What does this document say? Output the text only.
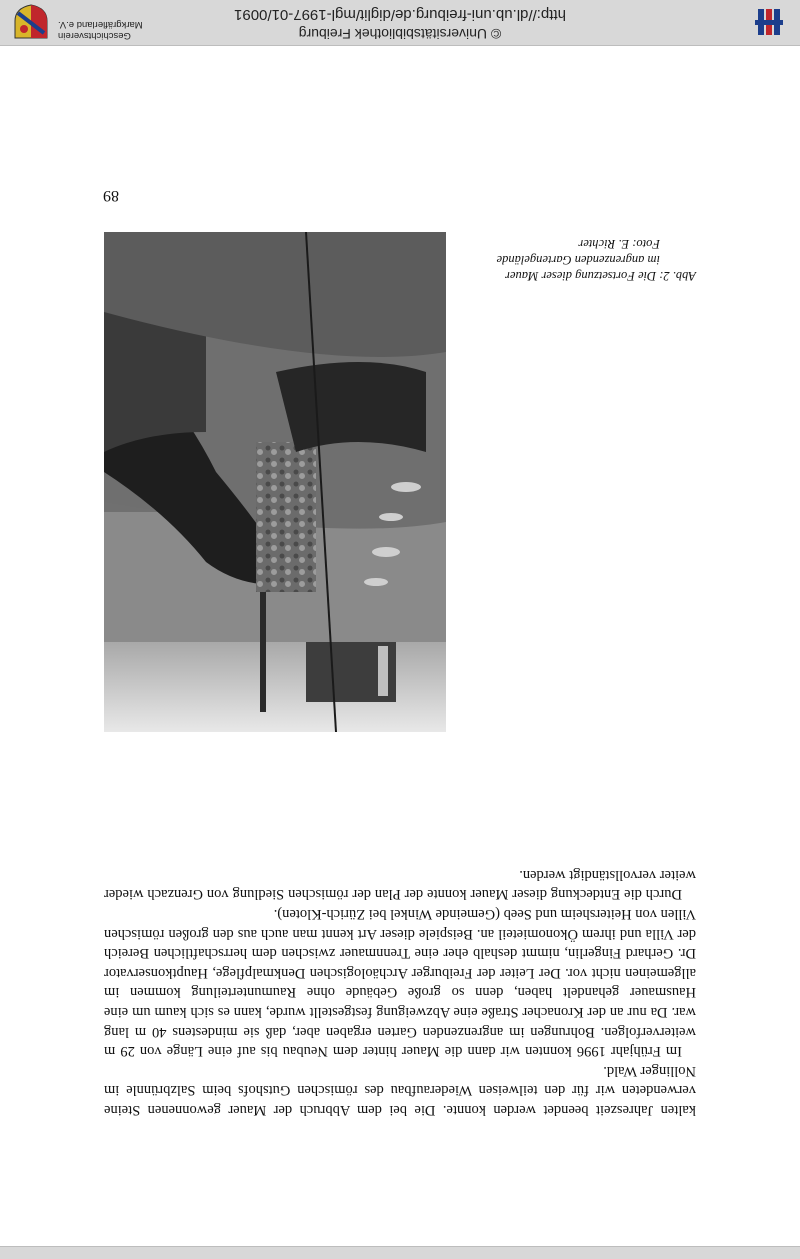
© Universitätsbibliothek Freiburg
http://dl.ub.uni-freiburg.de/diglit/mgl-1997-01/0091
Geschichtsverein
Markgräflerland e.V.

kalten Jahreszeit beendet werden konnte. Die bei dem Abbruch der Mauer gewonnenen Steine verwendeten wir für den teilweisen Wiederaufbau des römischen Gutshofs beim Salzbrünnle im Nollinger Wald.

Im Frühjahr 1996 konnten wir dann die Mauer hinter dem Neubau bis auf eine Länge von 29 m weiterverfolgen. Bohrungen im angrenzenden Garten ergaben aber, daß sie mindestens 40 m lang war. Da nur an der Kronacher Straße eine Abzweigung festgestellt wurde, kann es sich kaum um eine Hausmauer gehandelt haben, denn so große Gebäude ohne Raumunterteilung kommen im allgemeinen nicht vor. Der Leiter der Freiburger Archäologischen Denkmalpflege, Hauptkonservator Dr. Gerhard Fingerlin, nimmt deshalb eher eine Trennmauer zwischen dem herrschaftlichen Bereich der Villa und ihrem Ökonomieteil an. Beispiele dieser Art kennt man auch aus den großen römischen Villen von Heitersheim und Seeb (Gemeinde Winkel bei Zürich-Kloten).

Durch die Entdeckung dieser Mauer konnte der Plan der römischen Siedlung von Grenzach wieder weiter vervollständigt werden.

Abb. 2: Die Fortsetzung dieser Mauer
im angrenzenden Gartengelände
Foto: E. Richter
89
